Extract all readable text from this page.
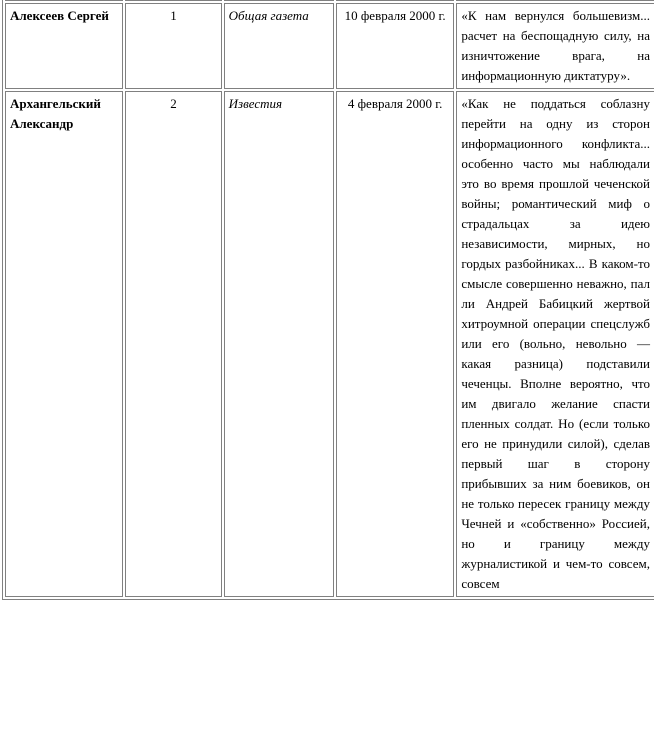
Алексеев Сергей	1	Общая газета	10 февраля 2000 г.	«К нам вернулся большевизм... расчет на беспощадную силу, на изничтожение врага, на информационную диктатуру».
Архангельский Александр	2	Известия	4 февраля 2000 г.	«Как не поддаться соблазну перейти на одну из сторон информационного конфликта... особенно часто мы наблюдали это во время прошлой чеченской войны; романтический миф о страдальцах за идею независимости, мирных, но гордых разбойниках... В каком-то смысле совершенно неважно, пал ли Андрей Бабицкий жертвой хитроумной операции спецслужб или его (вольно, невольно — какая разница) подставили чеченцы. Вполне вероятно, что им двигало желание спасти пленных солдат. Но (если только его не принудили силой), сделав первый шаг в сторону прибывших за ним боевиков, он не только пересек границу между Чечней и «собственно» Россией, но и границу между журналистикой и чем-то совсем, совсем
